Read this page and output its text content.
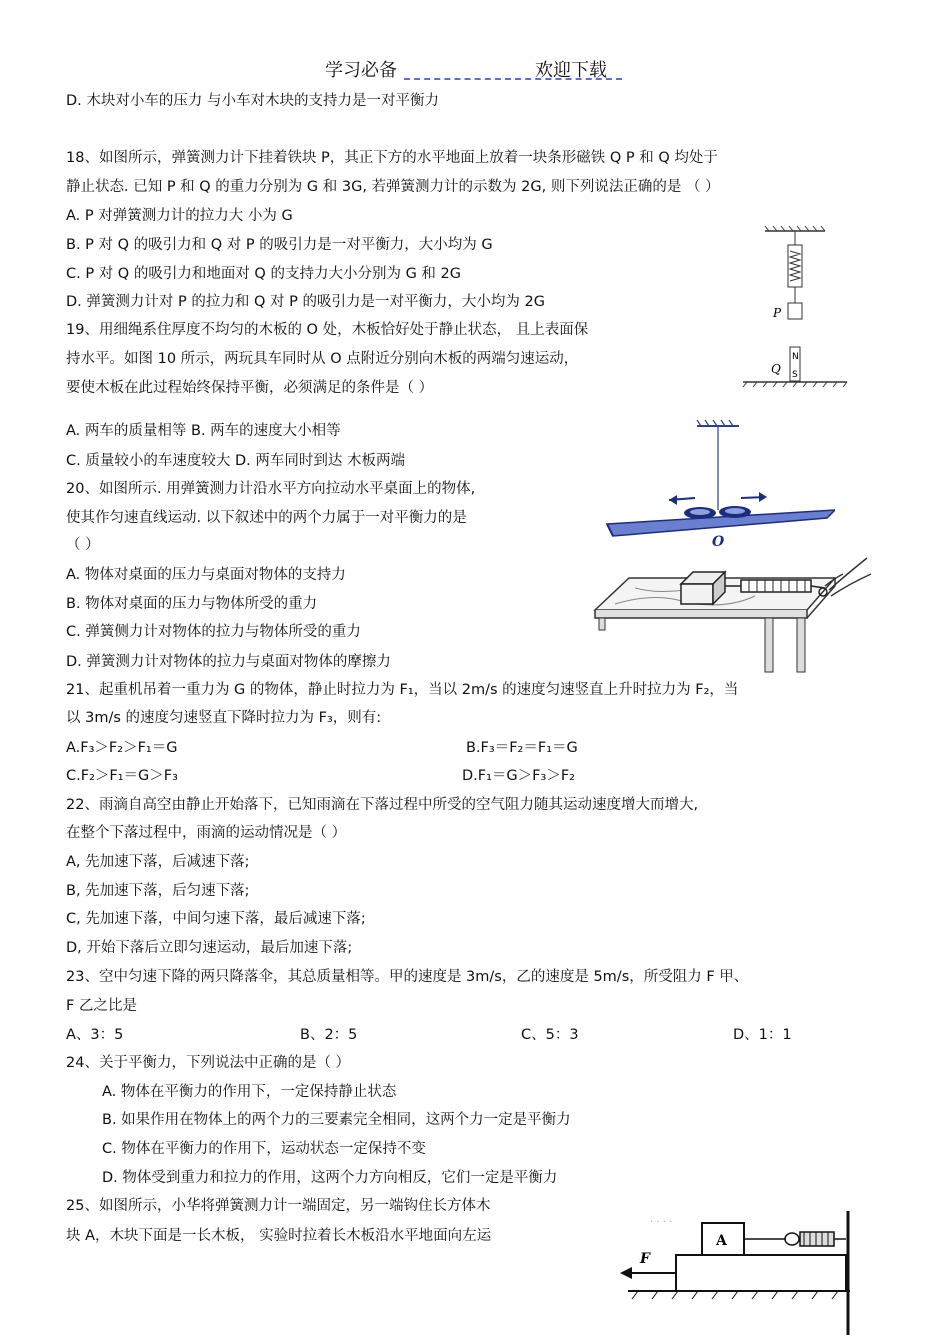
学习必备	欢迎下载
D. 木块对小车的压力 与小车对木块的支持力是一对平衡力
18、如图所示，弹簧测力计下挂着铁块 P，其正下方的水平地面上放着一块条形磁铁 Q P 和 Q 均处于
静止状态. 已知 P 和 Q 的重力分别为 G 和 3G, 若弹簧测力计的示数为 2G, 则下列说法正确的是 （ ）
A. P 对弹簧测力计的拉力大 小为 G
B. P 对 Q 的吸引力和 Q 对 P 的吸引力是一对平衡力，大小均为 G
C. P 对 Q 的吸引力和地面对 Q 的支持力大小分别为 G 和 2G
D. 弹簧测力计对 P 的拉力和 Q 对 P 的吸引力是一对平衡力，大小均为 2G
19、用细绳系住厚度不均匀的木板的 O 处，木板恰好处于静止状态， 且上表面保
持水平。如图 10 所示，两玩具车同时从 O 点附近分别向木板的两端匀速运动，
要使木板在此过程始终保持平衡，必须满足的条件是（ ）
A. 两车的质量相等 B. 两车的速度大小相等
C. 质量较小的车速度较大 D. 两车同时到达 木板两端
20、如图所示. 用弹簧测力计沿水平方向拉动水平桌面上的物体,
使其作匀速直线运动. 以下叙述中的两个力属于一对平衡力的是
（ ）
A. 物体对桌面的压力与桌面对物体的支持力
B. 物体对桌面的压力与物体所受的重力
C. 弹簧侧力计对物体的拉力与物体所受的重力
D. 弹簧测力计对物体的拉力与桌面对物体的摩擦力
21、起重机吊着一重力为 G 的物体，静止时拉力为 F₁，当以 2m/s 的速度匀速竖直上升时拉力为 F₂，当
以 3m/s 的速度匀速竖直下降时拉力为 F₃，则有:
A.F₃＞F₂＞F₁＝G	B.F₃＝F₂＝F₁＝G
C.F₂＞F₁＝G＞F₃	D.F₁＝G＞F₃＞F₂
22、雨滴自高空由静止开始落下，已知雨滴在下落过程中所受的空气阻力随其运动速度增大而增大,
在整个下落过程中，雨滴的运动情况是（ ）
A, 先加速下落，后减速下落;
B, 先加速下落，后匀速下落;
C, 先加速下落，中间匀速下落，最后减速下落;
D, 开始下落后立即匀速运动，最后加速下落;
23、空中匀速下降的两只降落伞，其总质量相等。甲的速度是 3m/s，乙的速度是 5m/s，所受阻力 F 甲、
F 乙之比是
A、3：5	B、2：5	C、5：3	D、1：1
24、关于平衡力，下列说法中正确的是（ ）
A. 物体在平衡力的作用下，一定保持静止状态
B. 如果作用在物体上的两个力的三要素完全相同，这两个力一定是平衡力
C. 物体在平衡力的作用下，运动状态一定保持不变
D. 物体受到重力和拉力的作用，这两个力方向相反，它们一定是平衡力
25、如图所示，小华将弹簧测力计一端固定，另一端钩住长方体木
块 A，木块下面是一长木板， 实验时拉着长木板沿水平地面向左运
P
N
S
Q
O
· · · ·
A
F
